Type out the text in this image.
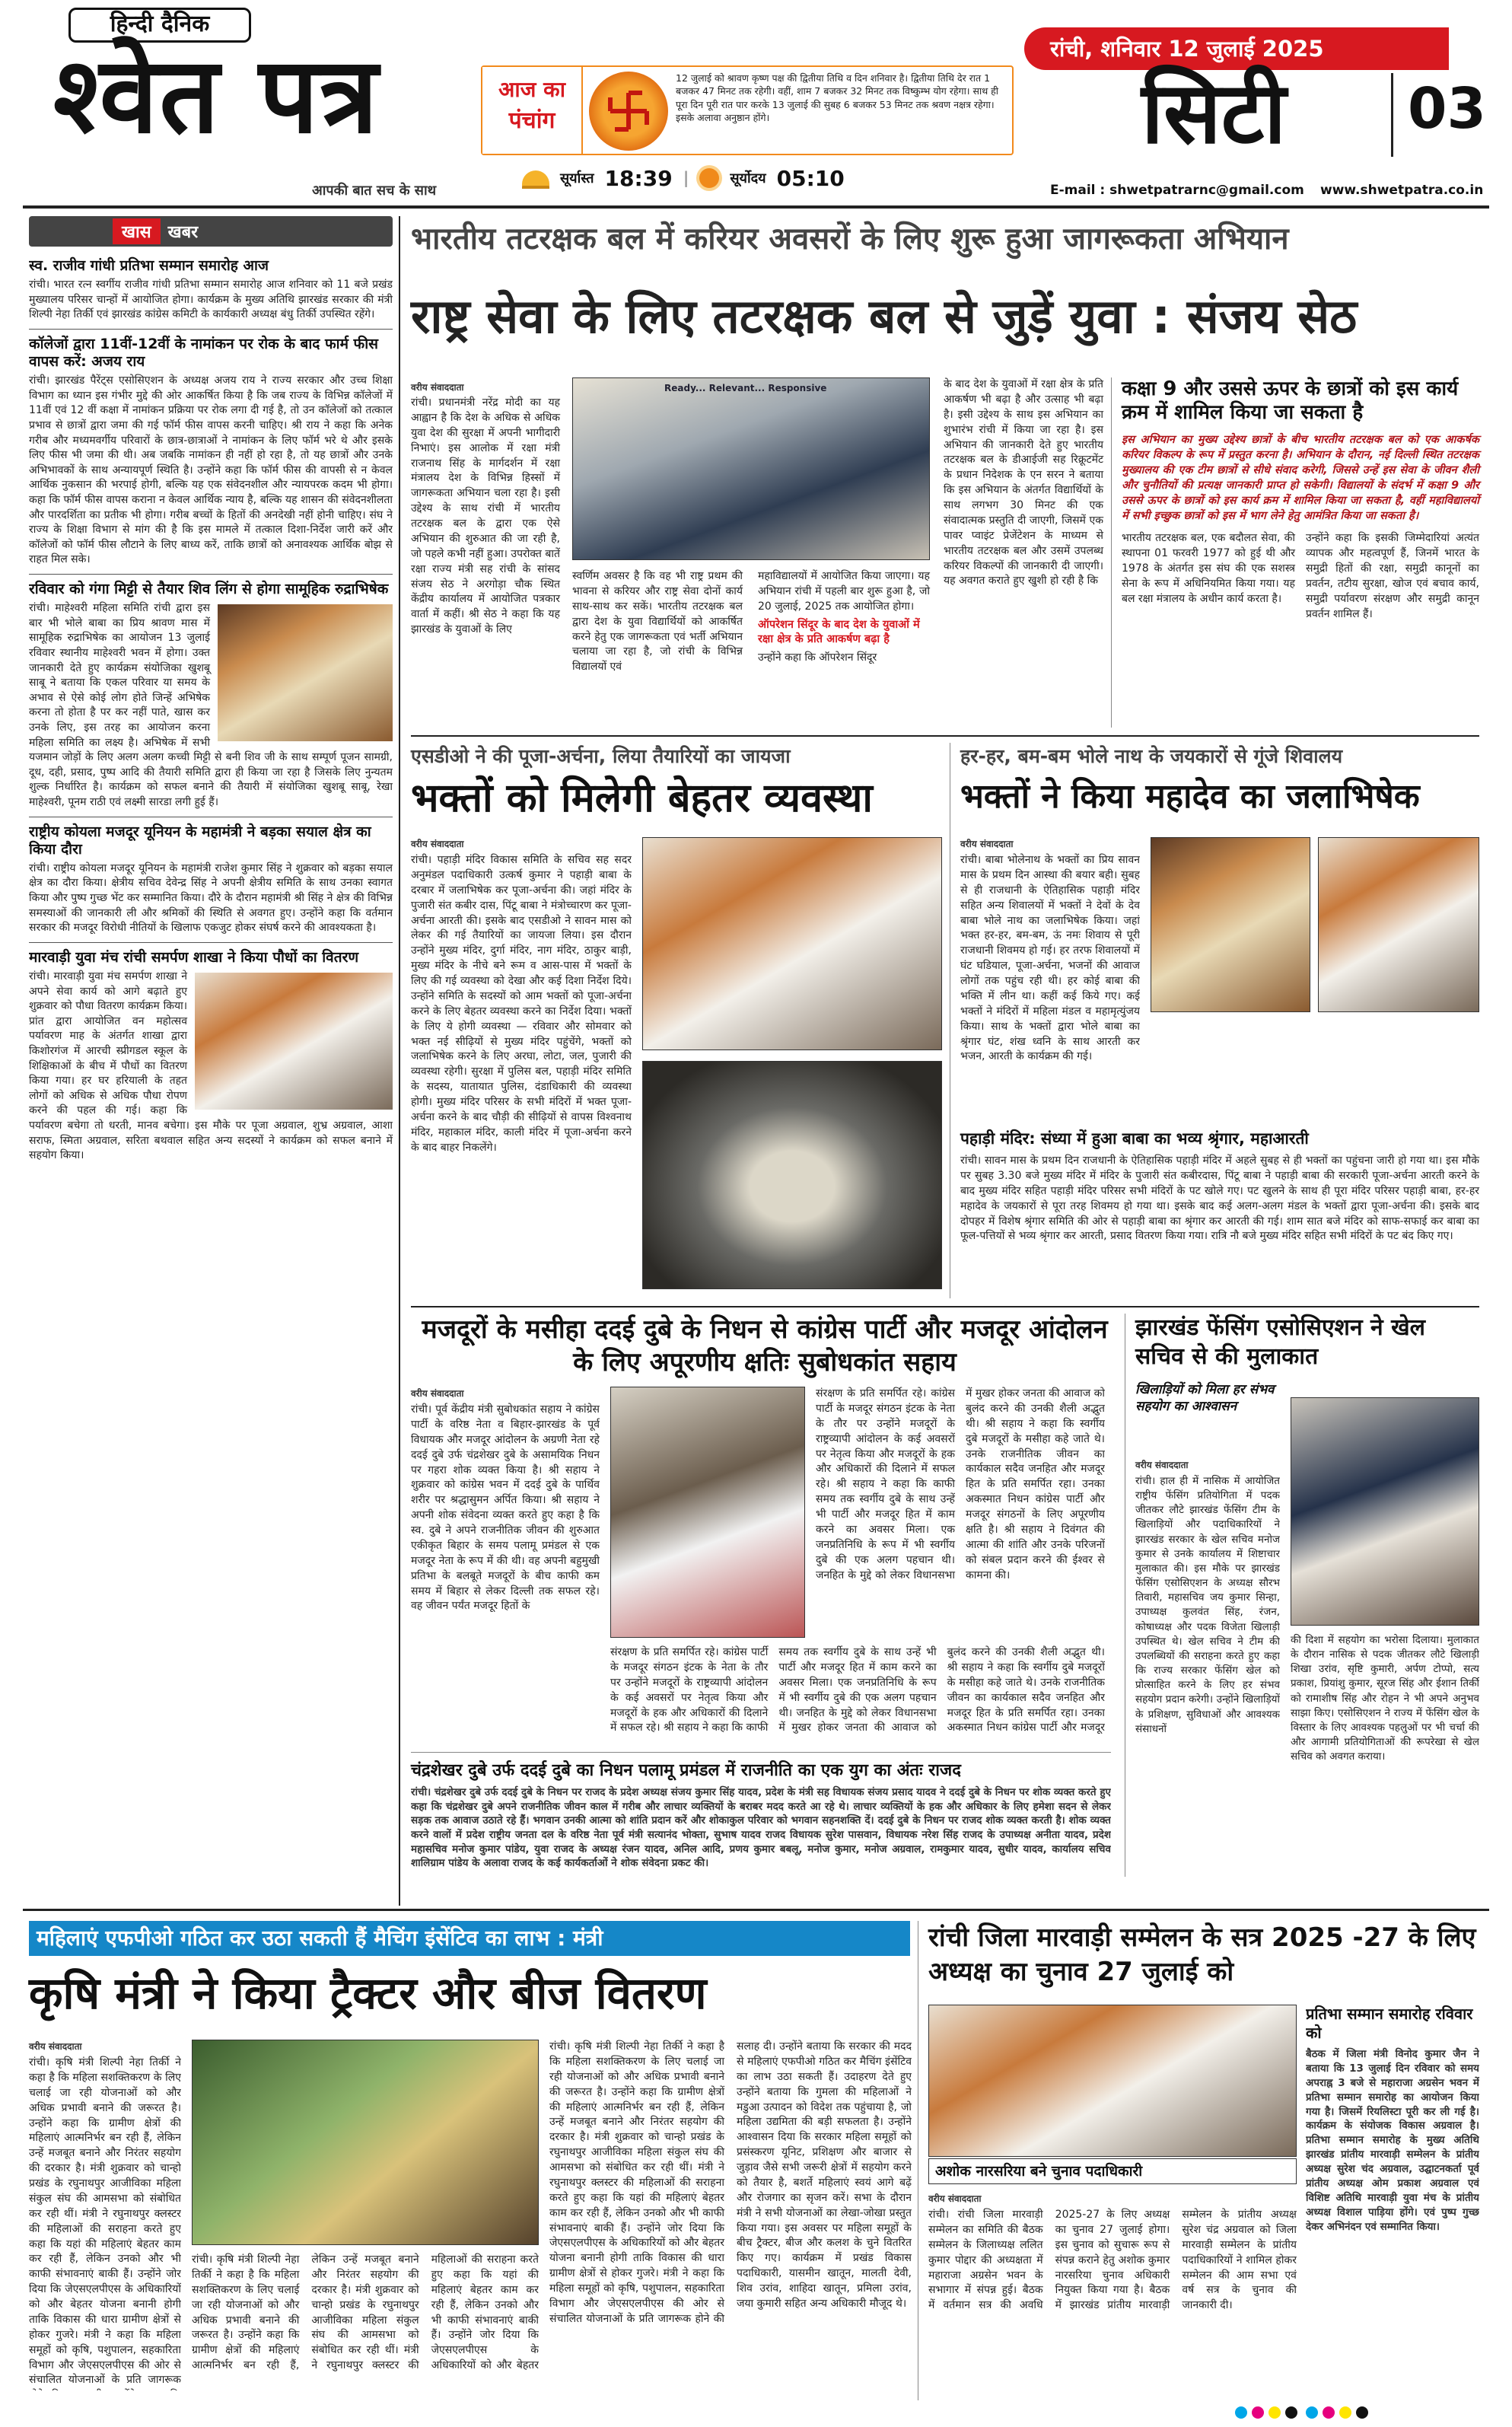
हिन्दी दैनिक
श्वेत पत्र
आपकी बात सच के साथ
आज का
पंचांग
12 जुलाई को श्रावण कृष्ण पक्ष की द्वितीया तिथि व दिन शनिवार है। द्वितीया तिथि देर रात 1 बजकर 47 मिनट तक रहेगी। वहीं, शाम 7 बजकर 32 मिनट तक विष्कुम्भ योग रहेगा। साथ ही पूरा दिन पूरी रात पार करके 13 जुलाई की सुबह 6 बजकर 53 मिनट तक श्रवण नक्षत्र रहेगा। इसके अलावा अनुष्ठान होंगे।
सूर्यास्त 18:39 |	सूर्योदय 05:10
रांची, शनिवार 12 जुलाई 2025
सिटी 03
E-mail : shwetpatrarnc@gmail.com www.shwetpatra.co.in
खास	खबर
स्व. राजीव गांधी प्रतिभा सम्मान समारोह आज
रांची। भारत रत्न स्वर्गीय राजीव गांधी प्रतिभा सम्मान समारोह आज शनिवार को 11 बजे प्रखंड मुख्यालय परिसर चान्हों में आयोजित होगा। कार्यक्रम के मुख्य अतिथि झारखंड सरकार की मंत्री शिल्पी नेहा तिर्की एवं झारखंड कांग्रेस कमिटी के कार्यकारी अध्यक्ष बंधु तिर्की उपस्थित रहेंगे।
कॉलेजों द्वारा 11वीं-12वीं के नामांकन पर रोक के बाद फार्म फीस वापस करें: अजय राय
रांची। झारखंड पैरेंट्स एसोसिएशन के अध्यक्ष अजय राय ने राज्य सरकार और उच्च शिक्षा विभाग का ध्यान इस गंभीर मुद्दे की ओर आकर्षित किया है कि जब राज्य के विभिन्न कॉलेजों में 11वीं एवं 12 वीं कक्षा में नामांकन प्रक्रिया पर रोक लगा दी गई है, तो उन कॉलेजों को तत्काल प्रभाव से छात्रों द्वारा जमा की गई फॉर्म फीस वापस करनी चाहिए। श्री राय ने कहा कि अनेक गरीब और मध्यमवर्गीय परिवारों के छात्र-छात्राओं ने नामांकन के लिए फॉर्म भरे थे और इसके लिए फीस भी जमा की थी। अब जबकि नामांकन ही नहीं हो रहा है, तो यह छात्रों और उनके अभिभावकों के साथ अन्यायपूर्ण स्थिति है। उन्होंने कहा कि फॉर्म फीस की वापसी से न केवल आर्थिक नुकसान की भरपाई होगी, बल्कि यह एक संवेदनशील और न्यायपरक कदम भी होगा। कहा कि फॉर्म फीस वापस कराना न केवल आर्थिक न्याय है, बल्कि यह शासन की संवेदनशीलता और पारदर्शिता का प्रतीक भी होगा। गरीब बच्चों के हितों की अनदेखी नहीं होनी चाहिए। संघ ने राज्य के शिक्षा विभाग से मांग की है कि इस मामले में तत्काल दिशा-निर्देश जारी करें और कॉलेजों को फॉर्म फीस लौटाने के लिए बाध्य करें, ताकि छात्रों को अनावश्यक आर्थिक बोझ से राहत मिल सके।
रविवार को गंगा मिट्टी से तैयार शिव लिंग से होगा सामूहिक रुद्राभिषेक
रांची। माहेश्वरी महिला समिति रांची द्वारा इस बार भी भोले बाबा का प्रिय श्रावण मास में सामूहिक रुद्राभिषेक का आयोजन 13 जुलाई रविवार स्थानीय माहेश्वरी भवन में होगा। उक्त जानकारी देते हुए कार्यक्रम संयोजिका खुशबू साबू ने बताया कि एकल परिवार या समय के अभाव से ऐसे कोई लोग होते जिन्हें अभिषेक करना तो होता है पर कर नहीं पाते, खास कर उनके लिए, इस तरह का आयोजन करना महिला समिति का लक्ष्य है। अभिषेक में सभी यजमान जोड़ों के लिए अलग अलग कच्ची मिट्टी से बनी शिव जी के साथ सम्पूर्ण पूजन सामग्री, दूध, दही, प्रसाद, पुष्प आदि की तैयारी समिति द्वारा ही किया जा रहा है जिसके लिए नुन्यतम शुल्क निर्धारित है। कार्यक्रम को सफल बनाने की तैयारी में संयोजिका खुशबू साबू, रेखा माहेश्वरी, पूनम राठी एवं लक्ष्मी सारडा लगी हुई हैं।
राष्ट्रीय कोयला मजदूर यूनियन के महामंत्री ने बड़का सयाल क्षेत्र का किया दौरा
रांची। राष्ट्रीय कोयला मजदूर यूनियन के महामंत्री राजेश कुमार सिंह ने शुक्रवार को बड़का सयाल क्षेत्र का दौरा किया। क्षेत्रीय सचिव देवेन्द्र सिंह ने अपनी क्षेत्रीय समिति के साथ उनका स्वागत किया और पुष्प गुच्छ भेंट कर सम्मानित किया। दौरे के दौरान महामंत्री श्री सिंह ने क्षेत्र की विभिन्न समस्याओं की जानकारी ली और श्रमिकों की स्थिति से अवगत हुए। उन्होंने कहा कि वर्तमान सरकार की मजदूर विरोधी नीतियों के खिलाफ एकजुट होकर संघर्ष करने की आवश्यकता है।
मारवाड़ी युवा मंच रांची समर्पण शाखा ने किया पौधों का वितरण
रांची। मारवाड़ी युवा मंच समर्पण शाखा ने अपने सेवा कार्य को आगे बढ़ाते हुए शुक्रवार को पौधा वितरण कार्यक्रम किया। प्रांत द्वारा आयोजित वन महोत्सव पर्यावरण माह के अंतर्गत शाखा द्वारा किशोरगंज में आरची स्प्रीगडल स्कूल के शिक्षिकाओं के बीच में पौधों का वितरण किया गया। हर घर हरियाली के तहत लोगों को अधिक से अधिक पौधा रोपण करने की पहल की गई। कहा कि पर्यावरण बचेगा तो धरती, मानव बचेगा। इस मौके पर पूजा अग्रवाल, शुभ्र अग्रवाल, आशा सराफ, स्मिता अग्रवाल, सरिता बथवाल सहित अन्य सदस्यों ने कार्यक्रम को सफल बनाने में सहयोग किया।
भारतीय तटरक्षक बल में करियर अवसरों के लिए शुरू हुआ जागरूकता अभियान
राष्ट्र सेवा के लिए तटरक्षक बल से जुड़ें युवा : संजय सेठ
वरीय संवाददाता
रांची। प्रधानमंत्री नरेंद्र मोदी का यह आह्वान है कि देश के अधिक से अधिक युवा देश की सुरक्षा में अपनी भागीदारी निभाएं। इस आलोक में रक्षा मंत्री राजनाथ सिंह के मार्गदर्शन में रक्षा मंत्रालय देश के विभिन्न हिस्सों में जागरूकता अभियान चला रहा है। इसी उद्देश्य के साथ रांची में भारतीय तटरक्षक बल के द्वारा एक ऐसे अभियान की शुरुआत की जा रही है, जो पहले कभी नहीं हुआ। उपरोक्त बातें रक्षा राज्य मंत्री सह रांची के सांसद संजय सेठ ने अरगोड़ा चौक स्थित केंद्रीय कार्यालय में आयोजित पत्रकार वार्ता में कहीं। श्री सेठ ने कहा कि यह झारखंड के युवाओं के लिए
Ready... Relevant... Responsive
स्वर्णिम अवसर है कि वह भी राष्ट्र प्रथम की भावना से करियर और राष्ट्र सेवा दोनों कार्य साथ-साथ कर सकें। भारतीय तटरक्षक बल द्वारा देश के युवा विद्यार्थियों को आकर्षित करने हेतु एक जागरूकता एवं भर्ती अभियान चलाया जा रहा है, जो रांची के विभिन्न विद्यालयों एवं
महाविद्यालयों में आयोजित किया जाएगा। यह अभियान रांची में पहली बार शुरू हुआ है, जो 20 जुलाई, 2025 तक आयोजित होगा।
ऑपरेशन सिंदूर के बाद देश के युवाओं में रक्षा क्षेत्र के प्रति आकर्षण बढ़ा है
उन्होंने कहा कि ऑपरेशन सिंदूर
के बाद देश के युवाओं में रक्षा क्षेत्र के प्रति आकर्षण भी बढ़ा है और उत्साह भी बढ़ा है। इसी उद्देश्य के साथ इस अभियान का शुभारंभ रांची में किया जा रहा है। इस अभियान की जानकारी देते हुए भारतीय तटरक्षक बल के डीआईजी सह रिक्रूटमेंट के प्रधान निदेशक के एन सरन ने बताया कि इस अभियान के अंतर्गत विद्यार्थियों के साथ लगभग 30 मिनट की एक संवादात्मक प्रस्तुति दी जाएगी, जिसमें एक पावर प्वाइंट प्रेजेंटेशन के माध्यम से भारतीय तटरक्षक बल और उसमें उपलब्ध करियर विकल्पों की जानकारी दी जाएगी। यह अवगत कराते हुए खुशी हो रही है कि
कक्षा 9 और उससे ऊपर के छात्रों को इस कार्य क्रम में शामिल किया जा सकता है
इस अभियान का मुख्य उद्देश्य छात्रों के बीच भारतीय तटरक्षक बल को एक आकर्षक करियर विकल्प के रूप में प्रस्तुत करना है। अभियान के दौरान, नई दिल्ली स्थित तटरक्षक मुख्यालय की एक टीम छात्रों से सीधे संवाद करेगी, जिससे उन्हें इस सेवा के जीवन शैली और चुनौतियों की प्रत्यक्ष जानकारी प्राप्त हो सकेगी। विद्यालयों के संदर्भ में कक्षा 9 और उससे ऊपर के छात्रों को इस कार्य क्रम में शामिल किया जा सकता है, वहीं महाविद्यालयों में सभी इच्छुक छात्रों को इस में भाग लेने हेतु आमंत्रित किया जा सकता है।
भारतीय तटरक्षक बल, एक बदौलत सेवा, की स्थापना 01 फरवरी 1977 को हुई थी और 1978 के अंतर्गत इस संघ की एक सशस्त्र सेना के रूप में अधिनियमित किया गया। यह बल रक्षा मंत्रालय के अधीन कार्य करता है।
उन्होंने कहा कि इसकी जिम्मेदारियां अत्यंत व्यापक और महत्वपूर्ण हैं, जिनमें भारत के समुद्री हितों की रक्षा, समुद्री कानूनों का प्रवर्तन, तटीय सुरक्षा, खोज एवं बचाव कार्य, समुद्री पर्यावरण संरक्षण और समुद्री कानून प्रवर्तन शामिल हैं।
एसडीओ ने की पूजा-अर्चना, लिया तैयारियों का जायजा
भक्तों को मिलेगी बेहतर व्यवस्था
वरीय संवाददाता
रांची। पहाड़ी मंदिर विकास समिति के सचिव सह सदर अनुमंडल पदाधिकारी उत्कर्ष कुमार ने पहाड़ी बाबा के दरबार में जलाभिषेक कर पूजा-अर्चना की। जहां मंदिर के पुजारी संत कबीर दास, पिंटू बाबा ने मंत्रोच्चारण कर पूजा-अर्चना आरती की। इसके बाद एसडीओ ने सावन मास को लेकर की गई तैयारियों का जायजा लिया। इस दौरान उन्होंने मुख्य मंदिर, दुर्गा मंदिर, नाग मंदिर, ठाकुर बाड़ी, मुख्य मंदिर के नीचे बने रूम व आस-पास में भक्तों के लिए की गई व्यवस्था को देखा और कई दिशा निर्देश दिये। उन्होंने समिति के सदस्यों को आम भक्तों को पूजा-अर्चना करने के लिए बेहतर व्यवस्था करने का निर्देश दिया। भक्तों के लिए ये होगी व्यवस्था — रविवार और सोमवार को भक्त नई सीढ़ियों से मुख्य मंदिर पहुंचेंगे, भक्तों को जलाभिषेक करने के लिए अरघा, लोटा, जल, पुजारी की व्यवस्था रहेगी। सुरक्षा में पुलिस बल, पहाड़ी मंदिर समिति के सदस्य, यातायात पुलिस, दंडाधिकारी की व्यवस्था होगी। मुख्य मंदिर परिसर के सभी मंदिरों में भक्त पूजा-अर्चना करने के बाद चौड़ी की सीढ़ियों से वापस विश्वनाथ मंदिर, महाकाल मंदिर, काली मंदिर में पूजा-अर्चना करने के बाद बाहर निकलेंगे।
हर-हर, बम-बम भोले नाथ के जयकारों से गूंजे शिवालय
भक्तों ने किया महादेव का जलाभिषेक
वरीय संवाददाता
रांची। बाबा भोलेनाथ के भक्तों का प्रिय सावन मास के प्रथम दिन आस्था की बयार बही। सुबह से ही राजधानी के ऐतिहासिक पहाड़ी मंदिर सहित अन्य शिवालयों में भक्तों ने देवों के देव बाबा भोले नाथ का जलाभिषेक किया। जहां भक्त हर-हर, बम-बम, ऊं नमः शिवाय से पूरी राजधानी शिवमय हो गई। हर तरफ शिवालयों में घंट घडियाल, पूजा-अर्चना, भजनों की आवाज लोगों तक पहुंच रही थी। हर कोई बाबा की भक्ति में लीन था। कहीं कई किये गए। कई भक्तों ने मंदिरों में महिला मंडल व महामृत्युंजय किया। साथ के भक्तों द्वारा भोले बाबा का श्रृंगार घंट, शंख ध्वनि के साथ आरती कर भजन, आरती के कार्यक्रम की गई।
पहाड़ी मंदिर: संध्या में हुआ बाबा का भव्य श्रृंगार, महाआरती
रांची। सावन मास के प्रथम दिन राजधानी के ऐतिहासिक पहाड़ी मंदिर में अहले सुबह से ही भक्तों का पहुंचना जारी हो गया था। इस मौके पर सुबह 3.30 बजे मुख्य मंदिर में मंदिर के पुजारी संत कबीरदास, पिंटू बाबा ने पहाड़ी बाबा की सरकारी पूजा-अर्चना आरती करने के बाद मुख्य मंदिर सहित पहाड़ी मंदिर परिसर सभी मंदिरों के पट खोले गए। पट खुलने के साथ ही पूरा मंदिर परिसर पहाड़ी बाबा, हर-हर महादेव के जयकारों से पूरा तरह शिवमय हो गया था। इसके बाद कई अलग-अलग मंडल के भक्तों द्वारा पूजा-अर्चना की। इसके बाद दोपहर में विशेष श्रृंगार समिति की ओर से पहाड़ी बाबा का श्रृंगार कर आरती की गई। शाम सात बजे मंदिर को साफ-सफाई कर बाबा का फूल-पत्तियों से भव्य श्रृंगार कर आरती, प्रसाद वितरण किया गया। रात्रि नौ बजे मुख्य मंदिर सहित सभी मंदिरों के पट बंद किए गए।
मजदूरों के मसीहा ददई दुबे के निधन से कांग्रेस पार्टी और मजदूर आंदोलन के लिए अपूरणीय क्षतिः सुबोधकांत सहाय
वरीय संवाददाता
रांची। पूर्व केंद्रीय मंत्री सुबोधकांत सहाय ने कांग्रेस पार्टी के वरिष्ठ नेता व बिहार-झारखंड के पूर्व विधायक और मजदूर आंदोलन के अग्रणी नेता रहे ददई दुबे उर्फ चंद्रशेखर दुबे के असामयिक निधन पर गहरा शोक व्यक्त किया है। श्री सहाय ने शुक्रवार को कांग्रेस भवन में ददई दुबे के पार्थिव शरीर पर श्रद्धासुमन अर्पित किया। श्री सहाय ने अपनी शोक संवेदना व्यक्त करते हुए कहा है कि स्व. दुबे ने अपने राजनीतिक जीवन की शुरुआत एकीकृत बिहार के समय पलामू प्रमंडल से एक मजदूर नेता के रूप में की थी। वह अपनी बहुमुखी प्रतिभा के बलबूते मजदूरों के बीच काफी कम समय में बिहार से लेकर दिल्ली तक सफल रहे। वह जीवन पर्यंत मजदूर हितों के
संरक्षण के प्रति समर्पित रहे। कांग्रेस पार्टी के मजदूर संगठन इंटक के नेता के तौर पर उन्होंने मजदूरों के राष्ट्रव्यापी आंदोलन के कई अवसरों पर नेतृत्व किया और मजदूरों के हक और अधिकारों की दिलाने में सफल रहे। श्री सहाय ने कहा कि काफी समय तक स्वर्गीय दुबे के साथ उन्हें भी पार्टी और मजदूर हित में काम करने का अवसर मिला। एक जनप्रतिनिधि के रूप में भी स्वर्गीय दुबे की एक अलग पहचान थी। जनहित के मुद्दे को लेकर विधानसभा में मुखर होकर जनता की आवाज को बुलंद करने की उनकी शैली अद्भुत थी। श्री सहाय ने कहा कि स्वर्गीय दुबे मजदूरों के मसीहा कहे जाते थे। उनके राजनीतिक जीवन का कार्यकाल सदैव जनहित और मजदूर हित के प्रति समर्पित रहा। उनका अकस्मात निधन कांग्रेस पार्टी और मजदूर
संरक्षण के प्रति समर्पित रहे। कांग्रेस पार्टी के मजदूर संगठन इंटक के नेता के तौर पर उन्होंने मजदूरों के राष्ट्रव्यापी आंदोलन के कई अवसरों पर नेतृत्व किया और मजदूरों के हक और अधिकारों की दिलाने में सफल रहे। श्री सहाय ने कहा कि काफी समय तक स्वर्गीय दुबे के साथ उन्हें भी पार्टी और मजदूर हित में काम करने का अवसर मिला। एक जनप्रतिनिधि के रूप में भी स्वर्गीय दुबे की एक अलग पहचान थी। जनहित के मुद्दे को लेकर विधानसभा में मुखर होकर जनता की आवाज को बुलंद करने की उनकी शैली अद्भुत थी। श्री सहाय ने कहा कि स्वर्गीय दुबे मजदूरों के मसीहा कहे जाते थे। उनके राजनीतिक जीवन का कार्यकाल सदैव जनहित और मजदूर हित के प्रति समर्पित रहा। उनका अकस्मात निधन कांग्रेस पार्टी और मजदूर संगठनों के लिए अपूरणीय क्षति है। श्री सहाय ने दिवंगत की आत्मा की शांति और उनके परिजनों को संबल प्रदान करने की ईश्वर से कामना की।
चंद्रशेखर दुबे उर्फ ददई दुबे का निधन पलामू प्रमंडल में राजनीति का एक युग का अंतः राजद
रांची। चंद्रशेखर दुबे उर्फ ददई दुबे के निधन पर राजद के प्रदेश अध्यक्ष संजय कुमार सिंह यादव, प्रदेश के मंत्री सह विधायक संजय प्रसाद यादव ने ददई दुबे के निधन पर शोक व्यक्त करते हुए कहा कि चंद्रशेखर दुबे अपने राजनीतिक जीवन काल में गरीब और लाचार व्यक्तियों के बराबर मदद करते आ रहे थे। लाचार व्यक्तियों के हक और अधिकार के लिए हमेशा सदन से लेकर सड़क तक आवाज उठाते रहे हैं। भगवान उनकी आत्मा को शांति प्रदान करें और शोकाकुल परिवार को भगवान सहनशक्ति दें। ददई दुबे के निधन पर राजद शोक व्यक्त करती है। शोक व्यक्त करने वालों में प्रदेश राष्ट्रीय जनता दल के वरिष्ठ नेता पूर्व मंत्री सत्यानंद भोक्ता, सुभाष यादव राजद विधायक सुरेश पासवान, विधायक नरेश सिंह राजद के उपाध्यक्ष अनीता यादव, प्रदेश महासचिव मनोज कुमार पांडेय, युवा राजद के अध्यक्ष रंजन यादव, अनिल आदि, प्रणय कुमार बबलू, मनोज कुमार, मनोज अग्रवाल, रामकुमार यादव, सुधीर यादव, कार्यालय सचिव शालिग्राम पांडेय के अलावा राजद के कई कार्यकर्ताओं ने शोक संवेदना प्रकट की।
झारखंड फेंसिंग एसोसिएशन ने खेल सचिव से की मुलाकात
खिलाड़ियों को मिला हर संभव सहयोग का आश्वासन
वरीय संवाददाता
रांची। हाल ही में नासिक में आयोजित राष्ट्रीय फेंसिंग प्रतियोगिता में पदक जीतकर लौटे झारखंड फेंसिंग टीम के खिलाड़ियों और पदाधिकारियों ने झारखंड सरकार के खेल सचिव मनोज कुमार से उनके कार्यालय में शिष्टाचार मुलाकात की। इस मौके पर झारखंड फेंसिंग एसोसिएशन के अध्यक्ष सौरभ तिवारी, महासचिव जय कुमार सिन्हा, उपाध्यक्ष कुलवंत सिंह, रंजन, कोषाध्यक्ष और पदक विजेता खिलाड़ी उपस्थित थे। खेल सचिव ने टीम की उपलब्धियों की सराहना करते हुए कहा कि राज्य सरकार फेंसिंग खेल को प्रोत्साहित करने के लिए हर संभव सहयोग प्रदान करेगी। उन्होंने खिलाड़ियों के प्रशिक्षण, सुविधाओं और आवश्यक संसाधनों
की दिशा में सहयोग का भरोसा दिलाया। मुलाकात के दौरान नासिक से पदक जीतकर लौटे खिलाड़ी शिखा उरांव, सृष्टि कुमारी, अर्पण टोप्पो, सत्य प्रकाश, प्रियांशु कुमार, सूरज सिंह और ईशान तिर्की को रामाशीष सिंह और रोहन ने भी अपने अनुभव साझा किए। एसोसिएशन ने राज्य में फेंसिंग खेल के विस्तार के लिए आवश्यक पहलुओं पर भी चर्चा की और आगामी प्रतियोगिताओं की रूपरेखा से खेल सचिव को अवगत कराया।
महिलाएं एफपीओ गठित कर उठा सकती हैं मैचिंग इंसेंटिव का लाभ : मंत्री
कृषि मंत्री ने किया ट्रैक्टर और बीज वितरण
वरीय संवाददाता
रांची। कृषि मंत्री शिल्पी नेहा तिर्की ने कहा है कि महिला सशक्तिकरण के लिए चलाई जा रही योजनाओं को और अधिक प्रभावी बनाने की जरूरत है। उन्होंने कहा कि ग्रामीण क्षेत्रों की महिलाएं आत्मनिर्भर बन रही हैं, लेकिन उन्हें मजबूत बनाने और निरंतर सहयोग की दरकार है। मंत्री शुक्रवार को चान्हो प्रखंड के रघुनाथपुर आजीविका महिला संकुल संघ की आमसभा को संबोधित कर रही थीं। मंत्री ने रघुनाथपुर क्लस्टर की महिलाओं की सराहना करते हुए कहा कि यहां की महिलाएं बेहतर काम कर रही हैं, लेकिन उनको और भी काफी संभावनाएं बाकी हैं। उन्होंने जोर दिया कि जेएसएलपीएस के अधिकारियों को और बेहतर योजना बनानी होगी ताकि विकास की धारा ग्रामीण क्षेत्रों से होकर गुजरे। मंत्री ने कहा कि महिला समूहों को कृषि, पशुपालन, सहकारिता विभाग और जेएसएलपीएस की ओर से संचालित योजनाओं के प्रति जागरूक
रांची। कृषि मंत्री शिल्पी नेहा तिर्की ने कहा है कि महिला सशक्तिकरण के लिए चलाई जा रही योजनाओं को और अधिक प्रभावी बनाने की जरूरत है। उन्होंने कहा कि ग्रामीण क्षेत्रों की महिलाएं आत्मनिर्भर बन रही हैं, लेकिन उन्हें मजबूत बनाने और निरंतर सहयोग की दरकार है। मंत्री शुक्रवार को चान्हो प्रखंड के रघुनाथपुर आजीविका महिला संकुल संघ की आमसभा को संबोधित कर रही थीं। मंत्री ने रघुनाथपुर क्लस्टर की महिलाओं की सराहना करते हुए कहा कि यहां की महिलाएं बेहतर काम कर रही हैं, लेकिन उनको और भी काफी संभावनाएं बाकी हैं। उन्होंने जोर दिया कि जेएसएलपीएस के अधिकारियों को और बेहतर
रांची। कृषि मंत्री शिल्पी नेहा तिर्की ने कहा है कि महिला सशक्तिकरण के लिए चलाई जा रही योजनाओं को और अधिक प्रभावी बनाने की जरूरत है। उन्होंने कहा कि ग्रामीण क्षेत्रों की महिलाएं आत्मनिर्भर बन रही हैं, लेकिन उन्हें मजबूत बनाने और निरंतर सहयोग की दरकार है। मंत्री शुक्रवार को चान्हो प्रखंड के रघुनाथपुर आजीविका महिला संकुल संघ की आमसभा को संबोधित कर रही थीं। मंत्री ने रघुनाथपुर क्लस्टर की महिलाओं की सराहना करते हुए कहा कि यहां की महिलाएं बेहतर काम कर रही हैं, लेकिन उनको और भी काफी संभावनाएं बाकी हैं। उन्होंने जोर दिया कि जेएसएलपीएस के अधिकारियों को और बेहतर योजना बनानी होगी ताकि विकास की धारा ग्रामीण क्षेत्रों से होकर गुजरे। मंत्री ने कहा कि महिला समूहों को कृषि, पशुपालन, सहकारिता विभाग और जेएसएलपीएस की ओर से संचालित योजनाओं के प्रति जागरूक होने की सलाह दी। उन्होंने बताया कि सरकार की मदद से महिलाएं एफपीओ गठित कर मैचिंग इंसेंटिव का लाभ उठा सकती हैं। उदाहरण देते हुए उन्होंने बताया कि गुमला की महिलाओं ने मडुआ उत्पादन को विदेश तक पहुंचाया है, जो महिला उद्यमिता की बड़ी सफलता है। उन्होंने आश्वासन दिया कि सरकार महिला समूहों को प्रसंस्करण यूनिट, प्रशिक्षण और बाजार से जुड़ाव जैसे सभी जरूरी क्षेत्रों में सहयोग करने को तैयार है, बशर्ते महिलाएं स्वयं आगे बढ़ें और रोजगार का सृजन करें। सभा के दौरान मंत्री ने सभी योजनाओं का लेखा-जोखा प्रस्तुत किया गया। इस अवसर पर महिला समूहों के बीच ट्रैक्टर, बीज और कलश के चुने वितरित किए गए। कार्यक्रम में प्रखंड विकास पदाधिकारी, यासमीन खातून, मालती देवी, शिव उरांव, शाहिदा खातून, प्रमिला उरांव, जया कुमारी सहित अन्य अधिकारी मौजूद थे।
रांची जिला मारवाड़ी सम्मेलन के सत्र 2025 -27 के लिए अध्यक्ष का चुनाव 27 जुलाई को
अशोक नारसरिया बने चुनाव पदाधिकारी
वरीय संवाददाता
रांची। रांची जिला मारवाड़ी सम्मेलन का समिति की बैठक सम्मेलन के जिलाध्यक्ष ललित कुमार पोद्दार की अध्यक्षता में महाराजा अग्रसेन भवन के सभागार में संपन्न हुई। बैठक में वर्तमान सत्र की अवधि 2025-27 के लिए अध्यक्ष का चुनाव 27 जुलाई होगा। इस चुनाव को सुचारू रूप से संपन्न कराने हेतु अशोक कुमार नारसरिया चुनाव अधिकारी नियुक्त किया गया है। बैठक में झारखंड प्रांतीय मारवाड़ी सम्मेलन के प्रांतीय अध्यक्ष सुरेश चंद्र अग्रवाल को जिला मारवाड़ी सम्मेलन के प्रांतीय पदाधिकारियों ने शामिल होकर सम्मेलन की आम सभा एवं वर्ष सत्र के चुनाव की जानकारी दी।
प्रतिभा सम्मान समारोह रविवार को
बैठक में जिला मंत्री विनोद कुमार जैन ने बताया कि 13 जुलाई दिन रविवार को समय अपराह्न 3 बजे से महाराजा अग्रसेन भवन में प्रतिभा सम्मान समारोह का आयोजन किया गया है। जिसमें रियलिस्टा पूरी कर ली गई है। कार्यक्रम के संयोजक विकास अग्रवाल है। प्रतिभा सम्मान समारोह के मुख्य अतिथि झारखंड प्रांतीय मारवाड़ी सम्मेलन के प्रांतीय अध्यक्ष सुरेश चंद अग्रवाल, उद्घाटनकर्ता पूर्व प्रांतीय अध्यक्ष ओम प्रकाश अग्रवाल एवं विशिष्ट अतिथि मारवाड़ी युवा मंच के प्रांतीय अध्यक्ष विशाल पाड़िया होंगे। एवं पुष्प गुच्छ देकर अभिनंदन एवं सम्मानित किया।
